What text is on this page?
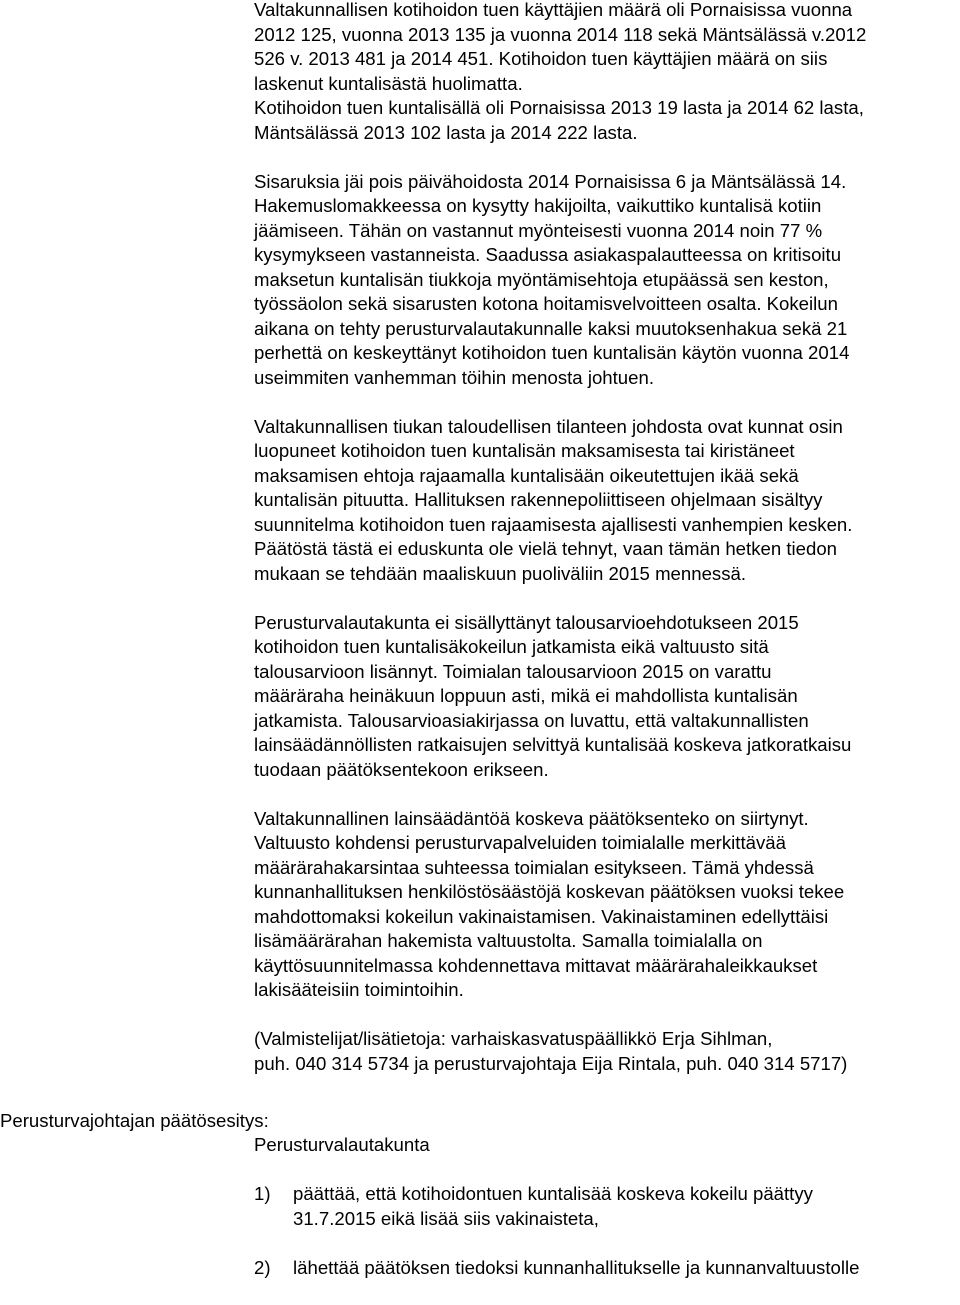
Valtakunnallisen kotihoidon tuen käyttäjien määrä oli Pornaisissa vuonna
2012 125, vuonna 2013 135 ja vuonna 2014 118 sekä Mäntsälässä v.2012
526 v. 2013 481 ja 2014 451. Kotihoidon tuen käyttäjien määrä on siis
laskenut kuntalisästä huolimatta.
Kotihoidon tuen kuntalisällä oli Pornaisissa 2013 19 lasta ja 2014 62 lasta,
Mäntsälässä 2013 102 lasta ja 2014 222 lasta.
Sisaruksia jäi pois päivähoidosta 2014 Pornaisissa 6 ja Mäntsälässä 14.
Hakemuslomakkeessa on kysytty hakijoilta, vaikuttiko kuntalisä kotiin
jäämiseen. Tähän on vastannut myönteisesti vuonna 2014 noin 77 %
kysymykseen vastanneista. Saadussa asiakaspalautteessa on kritisoitu
maksetun kuntalisän tiukkoja myöntämisehtoja etupäässä sen keston,
työssäolon sekä sisarusten kotona hoitamisvelvoitteen osalta. Kokeilun
aikana on tehty perusturvalautakunnalle kaksi muutoksenhakua sekä 21
perhettä on keskeyttänyt kotihoidon tuen kuntalisän käytön vuonna 2014
useimmiten vanhemman töihin menosta johtuen.
Valtakunnallisen tiukan taloudellisen tilanteen johdosta ovat kunnat osin
luopuneet kotihoidon tuen kuntalisän maksamisesta tai kiristäneet
maksamisen ehtoja rajaamalla kuntalisään oikeutettujen ikää sekä
kuntalisän pituutta. Hallituksen rakennepoliittiseen ohjelmaan sisältyy
suunnitelma kotihoidon tuen rajaamisesta ajallisesti vanhempien kesken.
Päätöstä tästä ei eduskunta ole vielä tehnyt, vaan tämän hetken tiedon
mukaan se tehdään maaliskuun puoliväliin 2015 mennessä.
Perusturvalautakunta ei sisällyttänyt talousarvioehdotukseen 2015
kotihoidon tuen kuntalisäkokeilun jatkamista eikä valtuusto sitä
talousarvioon lisännyt. Toimialan talousarvioon 2015 on varattu
määräraha heinäkuun loppuun asti, mikä ei mahdollista kuntalisän
jatkamista. Talousarvioasiakirjassa on luvattu, että valtakunnallisten
lainsäädännöllisten ratkaisujen selvittyä kuntalisää koskeva jatkoratkaisu
tuodaan päätöksentekoon erikseen.
Valtakunnallinen lainsäädäntöä koskeva päätöksenteko on siirtynyt.
Valtuusto kohdensi perusturvapalveluiden toimialalle merkittävää
määrärahakarsintaa suhteessa toimialan esitykseen. Tämä yhdessä
kunnanhallituksen henkilöstösäästöjä koskevan päätöksen vuoksi tekee
mahdottomaksi kokeilun vakinaistamisen. Vakinaistaminen edellyttäisi
lisämäärärahan hakemista valtuustolta. Samalla toimialalla on
käyttösuunnitelmassa kohdennettava mittavat määrärahaleikkaukset
lakisääteisiin toimintoihin.
(Valmistelijat/lisätietoja: varhaiskasvatuspäällikkö Erja Sihlman,
puh. 040 314 5734 ja perusturvajohtaja Eija Rintala, puh. 040 314 5717)
Perusturvajohtajan päätösesitys:
Perusturvalautakunta
1) päättää, että kotihoidontuen kuntalisää koskeva kokeilu päättyy
31.7.2015 eikä lisää siis vakinaisteta,
2) lähettää päätöksen tiedoksi kunnanhallitukselle ja kunnanvaltuustolle
